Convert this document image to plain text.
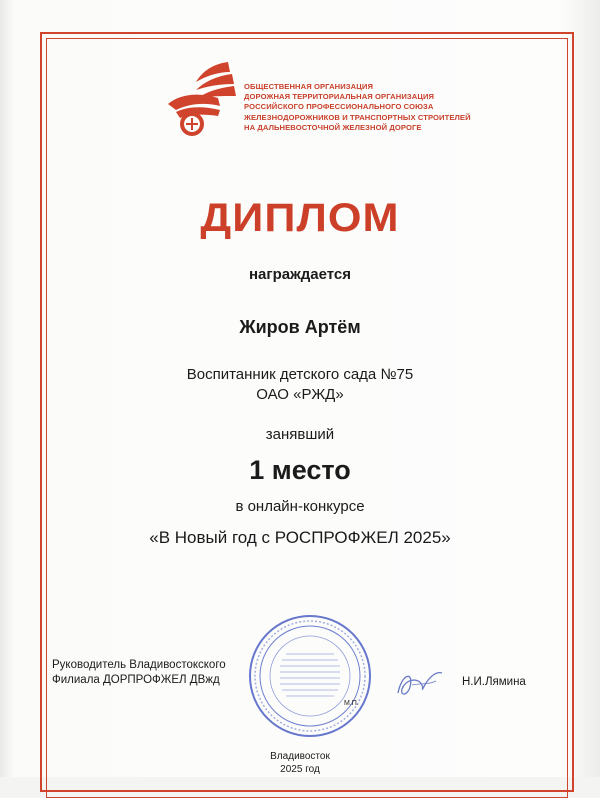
ОБЩЕСТВЕННАЯ ОРГАНИЗАЦИЯ
ДОРОЖНАЯ ТЕРРИТОРИАЛЬНАЯ ОРГАНИЗАЦИЯ
РОССИЙСКОГО ПРОФЕССИОНАЛЬНОГО СОЮЗА
ЖЕЛЕЗНОДОРОЖНИКОВ И ТРАНСПОРТНЫХ СТРОИТЕЛЕЙ
НА ДАЛЬНЕВОСТОЧНОЙ ЖЕЛЕЗНОЙ ДОРОГЕ
ДИПЛОМ
награждается
Жиров Артём
Воспитанник детского сада №75
ОАО «РЖД»
занявший
1 место
в онлайн-конкурсе
«В Новый год с РОСПРОФЖЕЛ 2025»
Руководитель Владивостокского
Филиала ДОРПРОФЖЕЛ ДВжд
М.П.
Н.И.Лямина
Владивосток
2025 год
